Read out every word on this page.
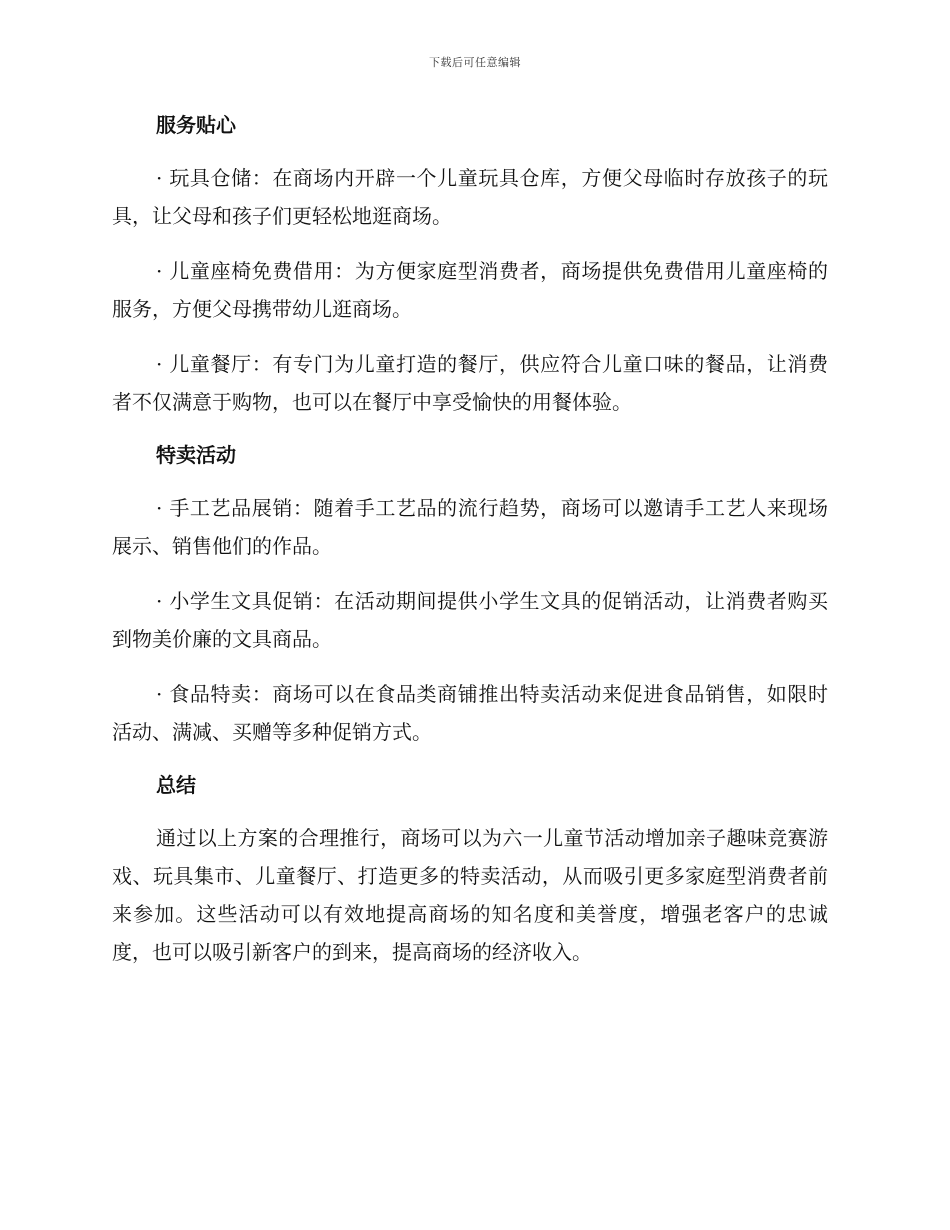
下载后可任意编辑
服务贴心

· 玩具仓储：在商场内开辟一个儿童玩具仓库，方便父母临时存放孩子的玩具，让父母和孩子们更轻松地逛商场。

· 儿童座椅免费借用：为方便家庭型消费者，商场提供免费借用儿童座椅的服务，方便父母携带幼儿逛商场。

· 儿童餐厅：有专门为儿童打造的餐厅，供应符合儿童口味的餐品，让消费者不仅满意于购物，也可以在餐厅中享受愉快的用餐体验。

特卖活动

· 手工艺品展销：随着手工艺品的流行趋势，商场可以邀请手工艺人来现场展示、销售他们的作品。

· 小学生文具促销：在活动期间提供小学生文具的促销活动，让消费者购买到物美价廉的文具商品。

· 食品特卖：商场可以在食品类商铺推出特卖活动来促进食品销售，如限时活动、满减、买赠等多种促销方式。

总结

通过以上方案的合理推行，商场可以为六一儿童节活动增加亲子趣味竞赛游戏、玩具集市、儿童餐厅、打造更多的特卖活动，从而吸引更多家庭型消费者前来参加。这些活动可以有效地提高商场的知名度和美誉度，增强老客户的忠诚度，也可以吸引新客户的到来，提高商场的经济收入。
